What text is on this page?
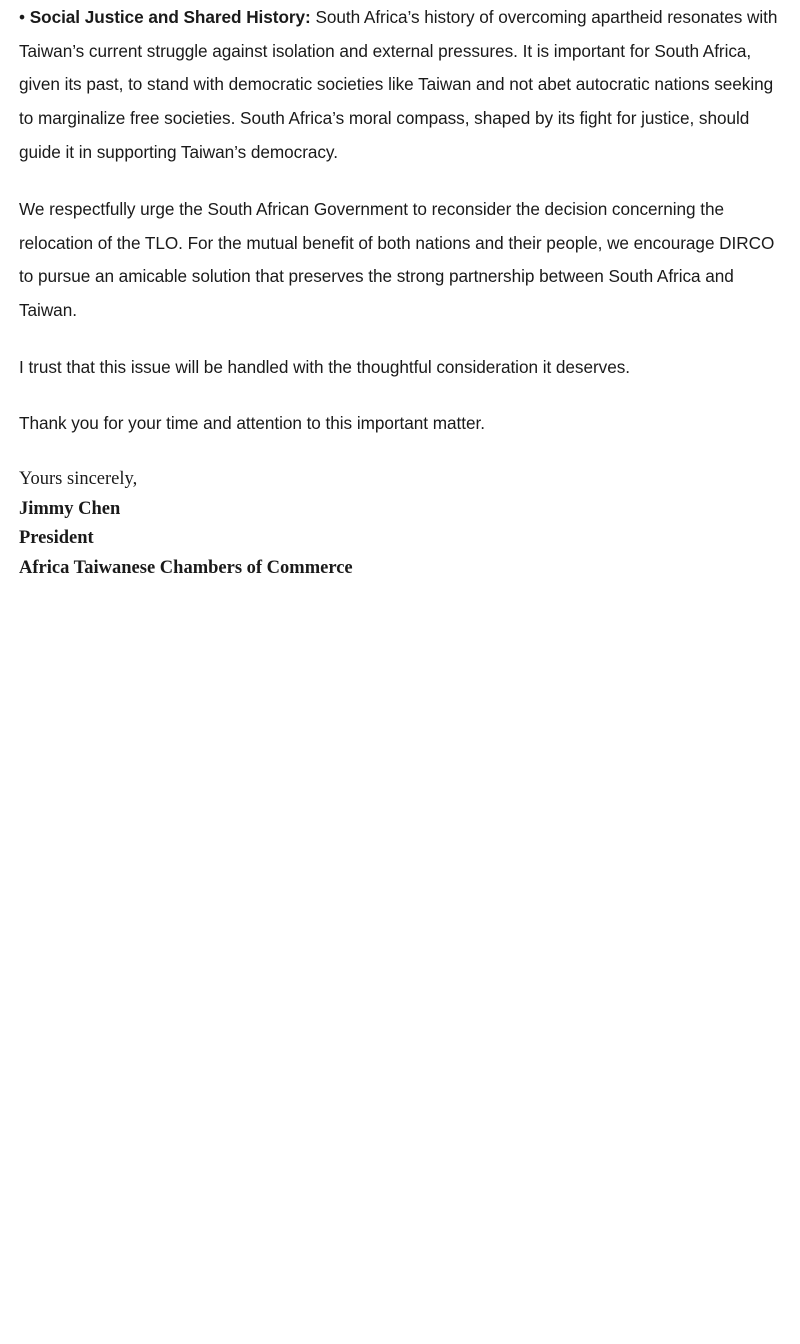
• Social Justice and Shared History: South Africa’s history of overcoming apartheid resonates with Taiwan’s current struggle against isolation and external pressures. It is important for South Africa, given its past, to stand with democratic societies like Taiwan and not abet autocratic nations seeking to marginalize free societies. South Africa’s moral compass, shaped by its fight for justice, should guide it in supporting Taiwan’s democracy.

We respectfully urge the South African Government to reconsider the decision concerning the relocation of the TLO. For the mutual benefit of both nations and their people, we encourage DIRCO to pursue an amicable solution that preserves the strong partnership between South Africa and Taiwan.

I trust that this issue will be handled with the thoughtful consideration it deserves.

Thank you for your time and attention to this important matter.

Yours sincerely,
Jimmy Chen
President
Africa Taiwanese Chambers of Commerce
